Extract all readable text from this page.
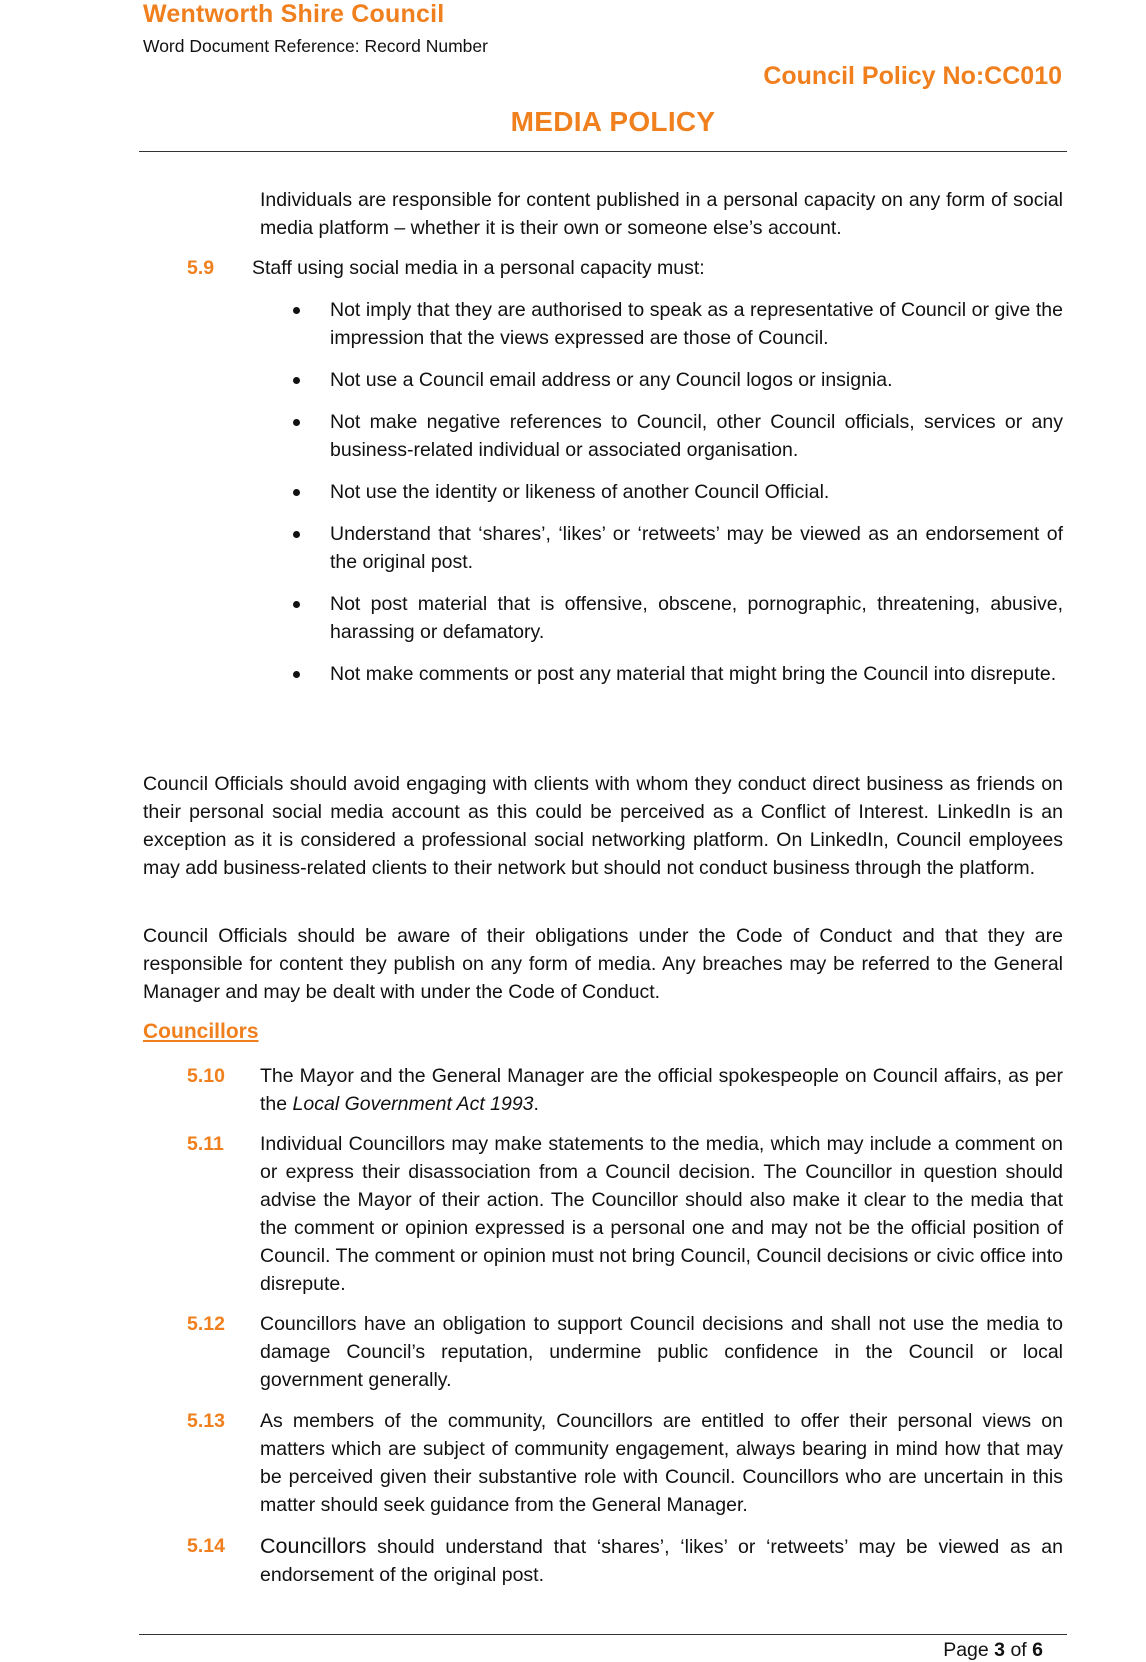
Wentworth Shire Council
Word Document Reference: Record Number
Council Policy No:CC010
MEDIA POLICY
Individuals are responsible for content published in a personal capacity on any form of social media platform – whether it is their own or someone else’s account.
5.9 Staff using social media in a personal capacity must:
Not imply that they are authorised to speak as a representative of Council or give the impression that the views expressed are those of Council.
Not use a Council email address or any Council logos or insignia.
Not make negative references to Council, other Council officials, services or any business-related individual or associated organisation.
Not use the identity or likeness of another Council Official.
Understand that ‘shares’, ‘likes’ or ‘retweets’ may be viewed as an endorsement of the original post.
Not post material that is offensive, obscene, pornographic, threatening, abusive, harassing or defamatory.
Not make comments or post any material that might bring the Council into disrepute.
Council Officials should avoid engaging with clients with whom they conduct direct business as friends on their personal social media account as this could be perceived as a Conflict of Interest. LinkedIn is an exception as it is considered a professional social networking platform. On LinkedIn, Council employees may add business-related clients to their network but should not conduct business through the platform.
Council Officials should be aware of their obligations under the Code of Conduct and that they are responsible for content they publish on any form of media. Any breaches may be referred to the General Manager and may be dealt with under the Code of Conduct.
Councillors
5.10 The Mayor and the General Manager are the official spokespeople on Council affairs, as per the Local Government Act 1993.
5.11 Individual Councillors may make statements to the media, which may include a comment on or express their disassociation from a Council decision. The Councillor in question should advise the Mayor of their action. The Councillor should also make it clear to the media that the comment or opinion expressed is a personal one and may not be the official position of Council. The comment or opinion must not bring Council, Council decisions or civic office into disrepute.
5.12 Councillors have an obligation to support Council decisions and shall not use the media to damage Council’s reputation, undermine public confidence in the Council or local government generally.
5.13 As members of the community, Councillors are entitled to offer their personal views on matters which are subject of community engagement, always bearing in mind how that may be perceived given their substantive role with Council. Councillors who are uncertain in this matter should seek guidance from the General Manager.
5.14 Councillors should understand that ‘shares’, ‘likes’ or ‘retweets’ may be viewed as an endorsement of the original post.
Page 3 of 6
